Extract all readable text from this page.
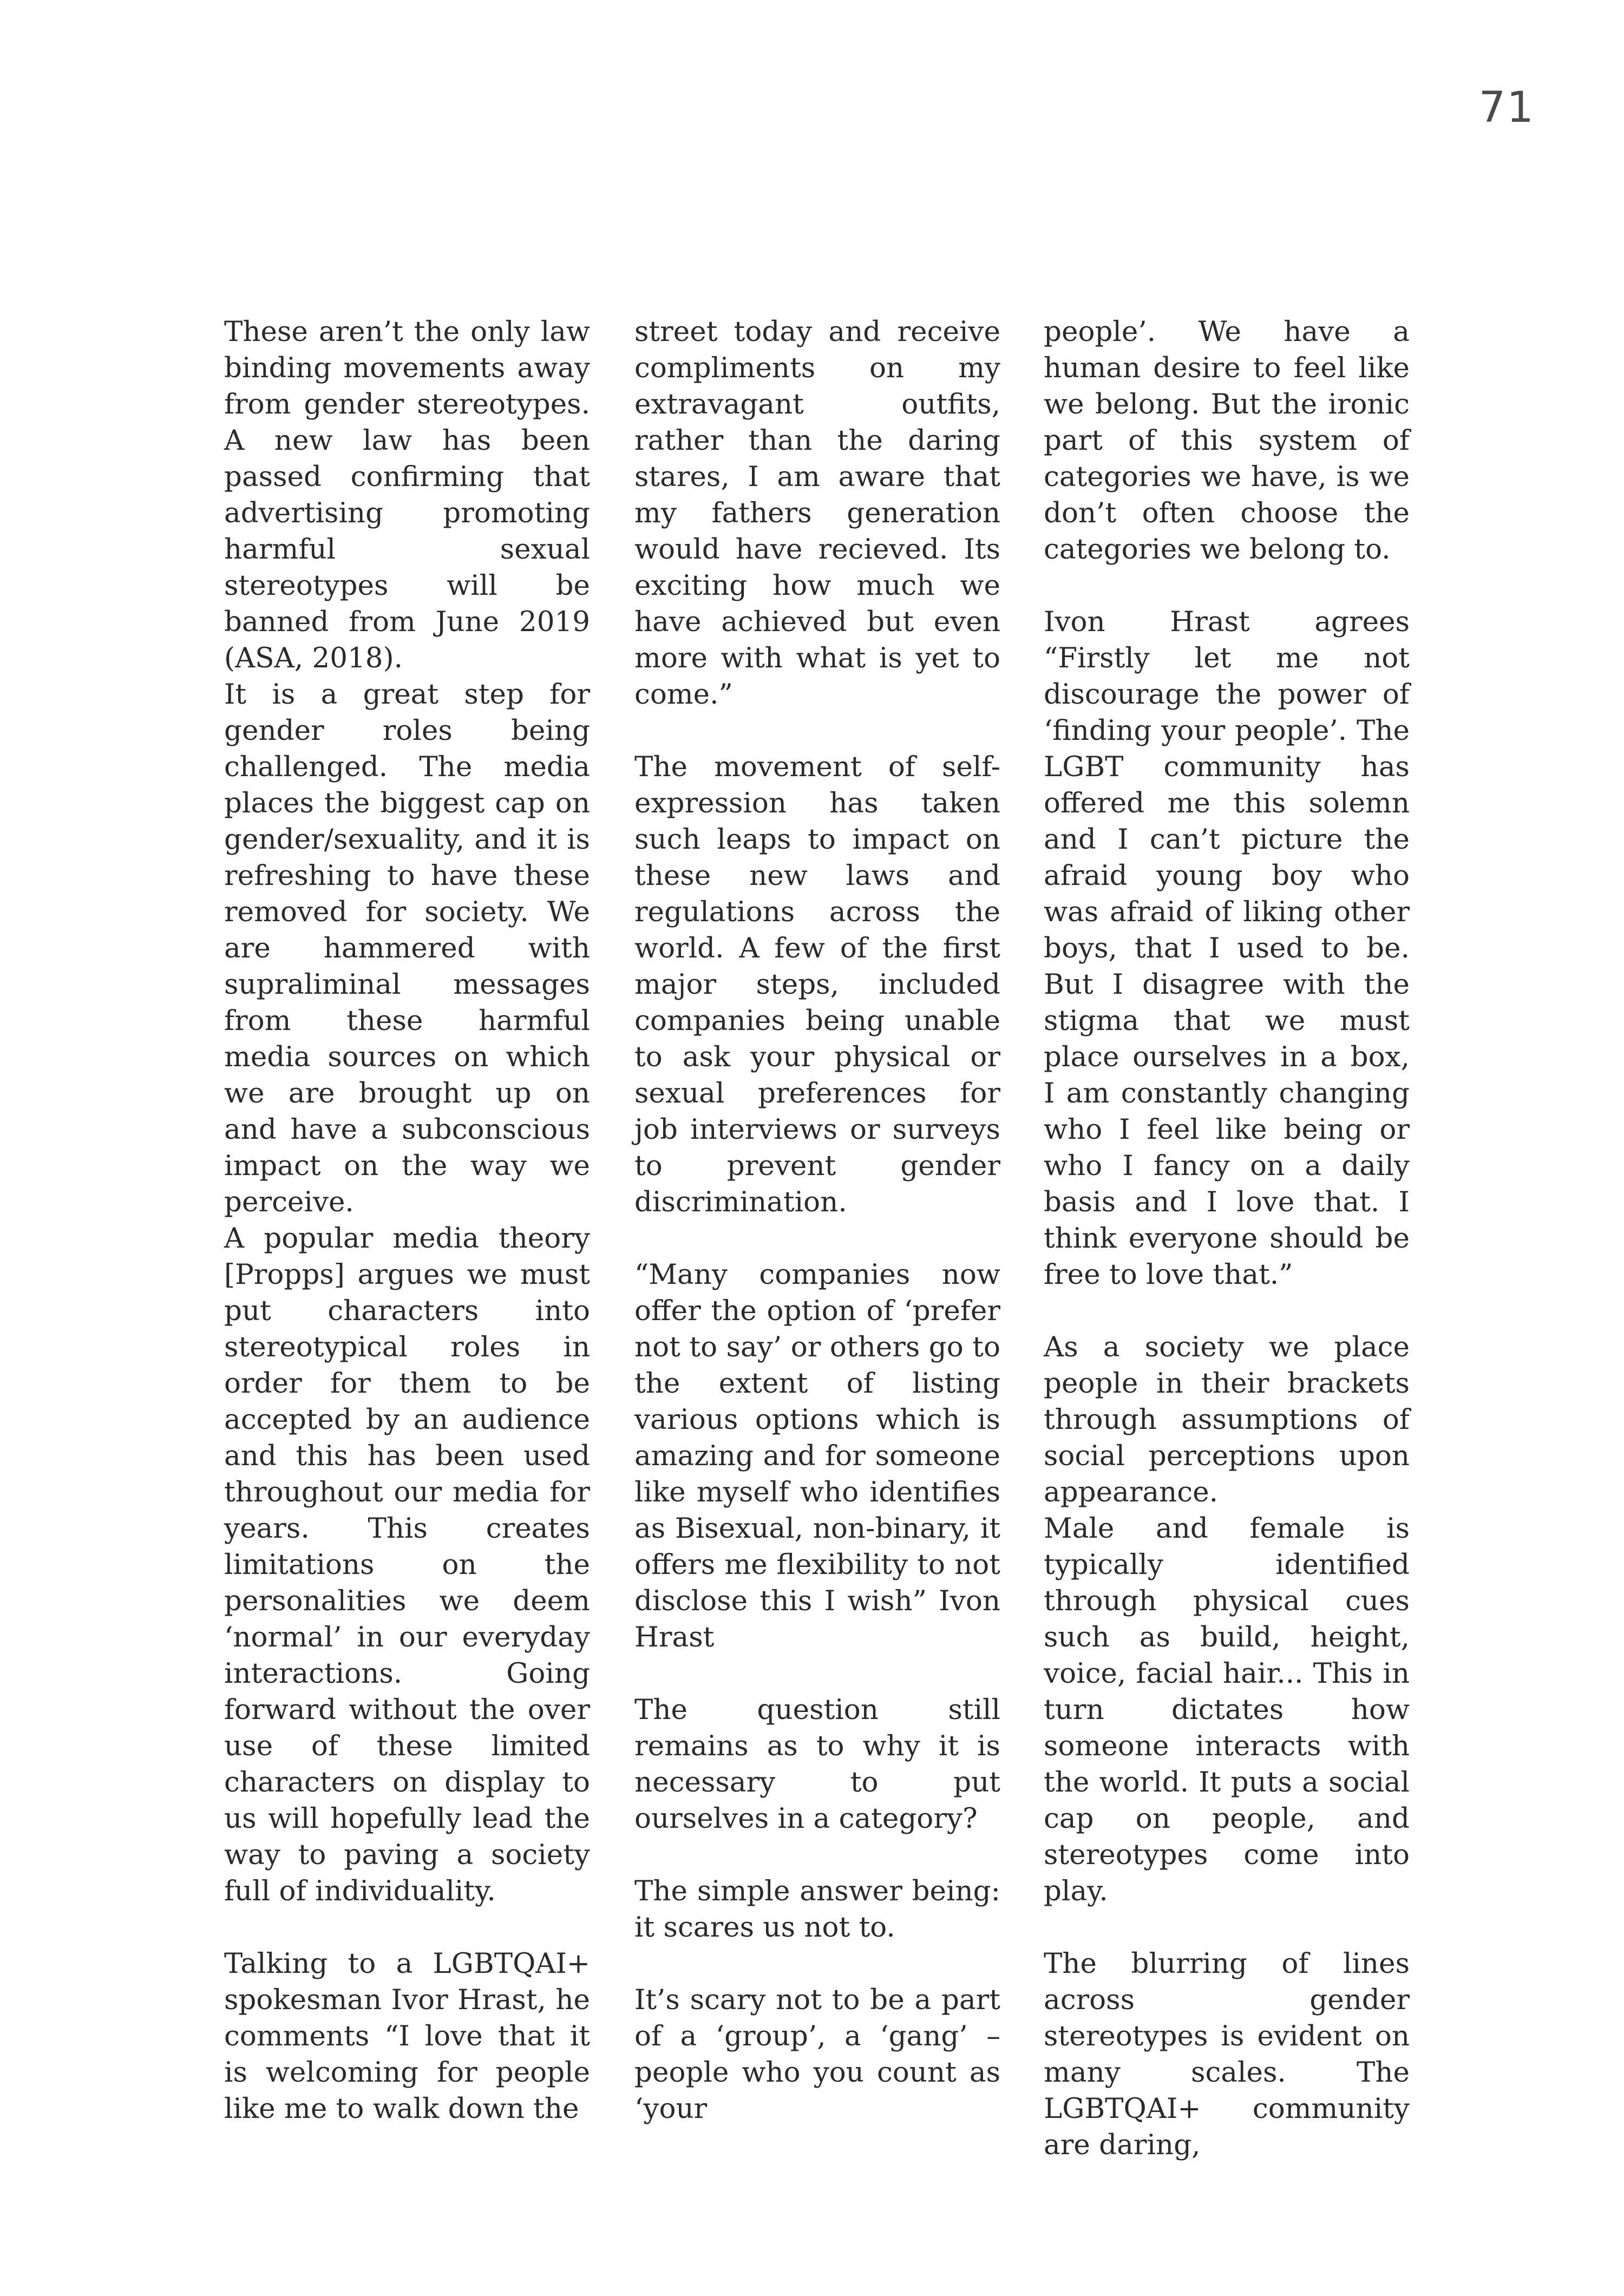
71

These aren’t the only law binding movements away from gender stereotypes. A new law has been passed confirming that advertising promoting harmful sexual stereotypes will be banned from June 2019 (ASA, 2018).

It is a great step for gender roles being challenged. The media places the biggest cap on gender/sexuality, and it is refreshing to have these removed for society. We are hammered with supraliminal messages from these harmful media sources on which we are brought up on and have a subconscious impact on the way we perceive.

A popular media theory [Propps] argues we must put characters into stereotypical roles in order for them to be accepted by an audience and this has been used throughout our media for years. This creates limitations on the personalities we deem ‘normal’ in our everyday interactions. Going forward without the over use of these limited characters on display to us will hopefully lead the way to paving a society full of individuality.

Talking to a LGBTQAI+ spokesman Ivor Hrast, he comments “I love that it is welcoming for people like me to walk down the

street today and receive compliments on my extravagant outfits, rather than the daring stares, I am aware that my fathers generation would have recieved. Its exciting how much we have achieved but even more with what is yet to come.”

The movement of self-expression has taken such leaps to impact on these new laws and regulations across the world. A few of the first major steps, included companies being unable to ask your physical or sexual preferences for job interviews or surveys to prevent gender discrimination.

“Many companies now offer the option of ‘prefer not to say’ or others go to the extent of listing various options which is amazing and for someone like myself who identifies as Bisexual, non-binary, it offers me flexibility to not disclose this I wish” Ivon Hrast

The question still remains as to why it is necessary to put ourselves in a category?

The simple answer being: it scares us not to.

It’s scary not to be a part of a ‘group’, a ‘gang’ – people who you count as ‘your

people’. We have a human desire to feel like we belong. But the ironic part of this system of categories we have, is we don’t often choose the categories we belong to.

Ivon Hrast agrees “Firstly let me not discourage the power of ‘finding your people’. The LGBT community has offered me this solemn and I can’t picture the afraid young boy who was afraid of liking other boys, that I used to be. But I disagree with the stigma that we must place ourselves in a box, I am constantly changing who I feel like being or who I fancy on a daily basis and I love that. I think everyone should be free to love that.”

As a society we place people in their brackets through assumptions of social perceptions upon appearance.

Male and female is typically identified through physical cues such as build, height, voice, facial hair... This in turn dictates how someone interacts with the world. It puts a social cap on people, and stereotypes come into play.

The blurring of lines across gender stereotypes is evident on many scales. The LGBTQAI+ community are daring,
